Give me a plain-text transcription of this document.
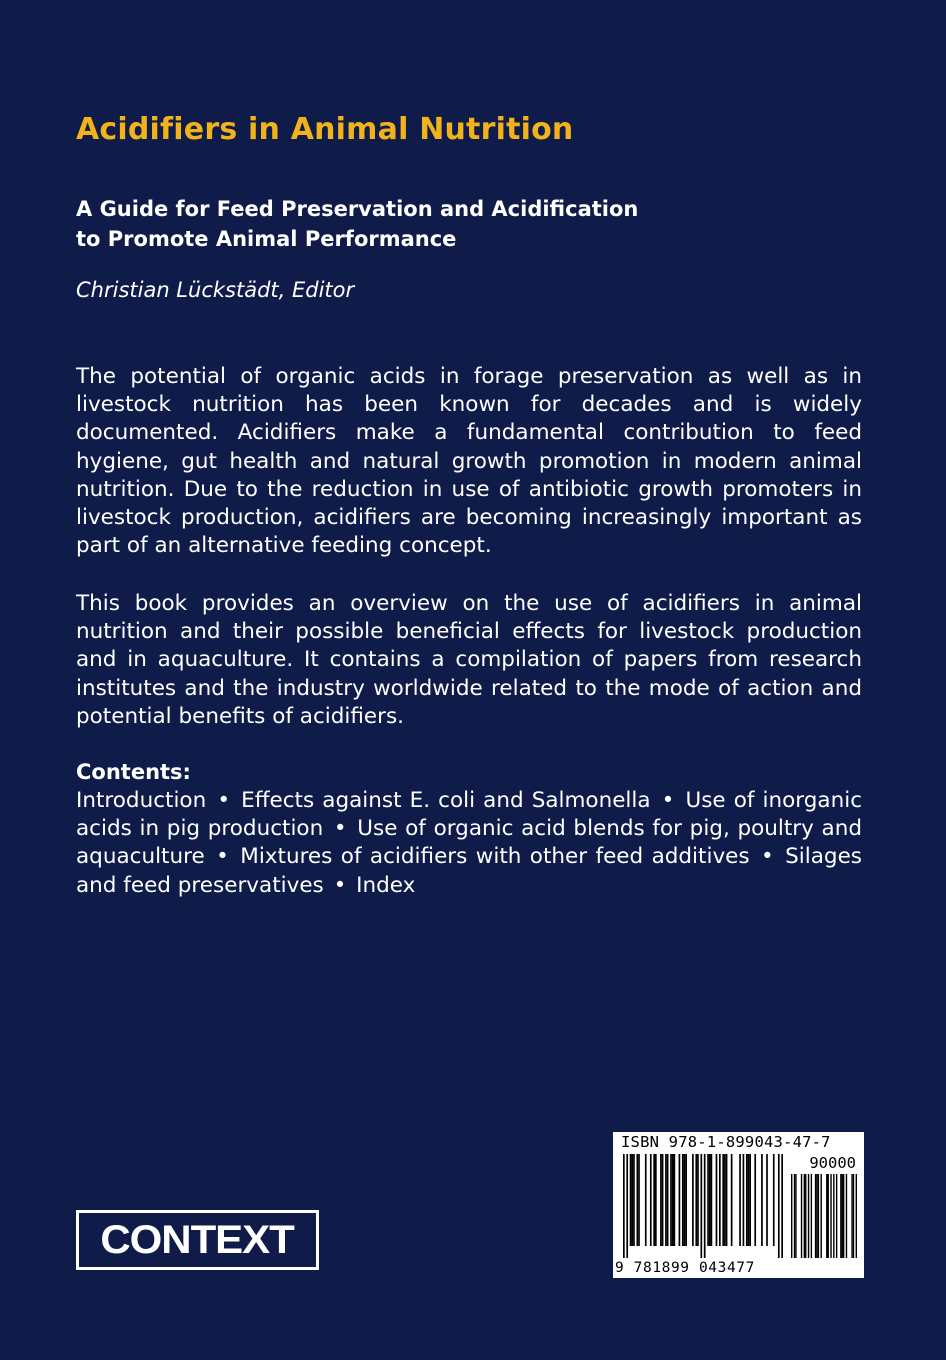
Acidifiers in Animal Nutrition
A Guide for Feed Preservation and Acidification
to Promote Animal Performance

Christian Lückstädt, Editor

The potential of organic acids in forage preservation as well as in livestock nutrition has been known for decades and is widely documented. Acidifiers make a fundamental contribution to feed hygiene, gut health and natural growth promotion in modern animal nutrition. Due to the reduction in use of antibiotic growth promoters in livestock production, acidifiers are becoming increasingly important as part of an alternative feeding concept.

This book provides an overview on the use of acidifiers in animal nutrition and their possible beneficial effects for livestock production and in aquaculture. It contains a compilation of papers from research institutes and the industry worldwide related to the mode of action and potential benefits of acidifiers.

Contents:

Introduction • Effects against E. coli and Salmonella • Use of inorganic acids in pig production • Use of organic acid blends for pig, poultry and aquaculture • Mixtures of acidifiers with other feed additives • Silages and feed preservatives • Index

CONTEXT
ISBN 978-1-899043-47-7
90000
9 781899 043477
